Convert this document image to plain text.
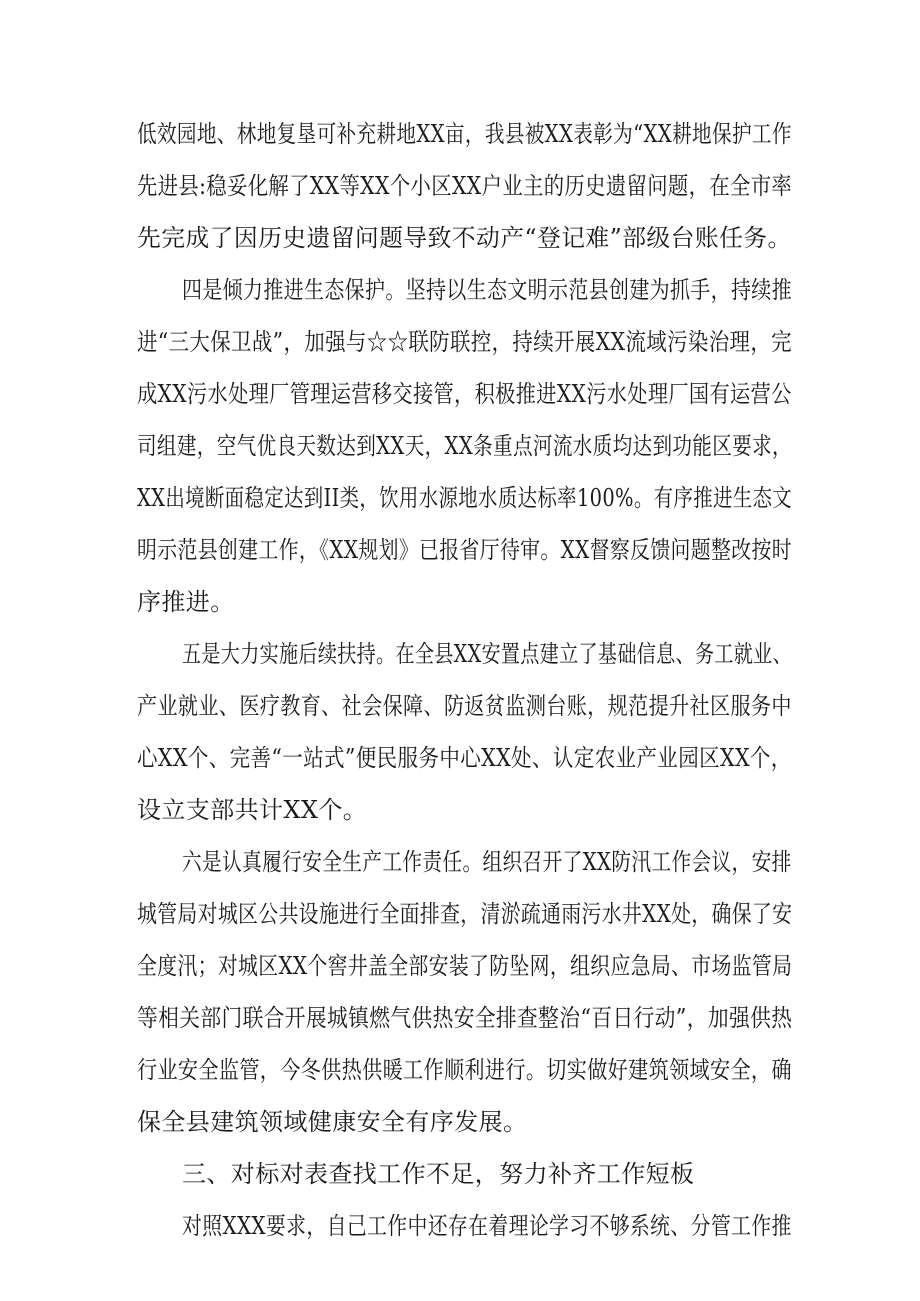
低效园地、林地复垦可补充耕地XX亩，我县被XX表彰为“XX耕地保护工作
先进县:稳妥化解了XX等XX个小区XX户业主的历史遗留问题，在全市率
先完成了因历史遗留问题导致不动产“登记难”部级台账任务。
四是倾力推进生态保护。坚持以生态文明示范县创建为抓手，持续推
进“三大保卫战”，加强与☆☆联防联控，持续开展XX流域污染治理，完
成XX污水处理厂管理运营移交接管，积极推进XX污水处理厂国有运营公
司组建，空气优良天数达到XX天，XX条重点河流水质均达到功能区要求，
XX出境断面稳定达到II类，饮用水源地水质达标率100%。有序推进生态文
明示范县创建工作，《XX规划》已报省厅待审。XX督察反馈问题整改按时
序推进。
五是大力实施后续扶持。在全县XX安置点建立了基础信息、务工就业、
产业就业、医疗教育、社会保障、防返贫监测台账，规范提升社区服务中
心XX个、完善“一站式”便民服务中心XX处、认定农业产业园区XX个，
设立支部共计XX个。
六是认真履行安全生产工作责任。组织召开了XX防汛工作会议，安排
城管局对城区公共设施进行全面排查，清淤疏通雨污水井XX处，确保了安
全度汛；对城区XX个窖井盖全部安装了防坠网，组织应急局、市场监管局
等相关部门联合开展城镇燃气供热安全排查整治“百日行动”，加强供热
行业安全监管，今冬供热供暖工作顺利进行。切实做好建筑领域安全，确
保全县建筑领域健康安全有序发展。
三、对标对表查找工作不足，努力补齐工作短板
对照XXX要求，自己工作中还存在着理论学习不够系统、分管工作推
